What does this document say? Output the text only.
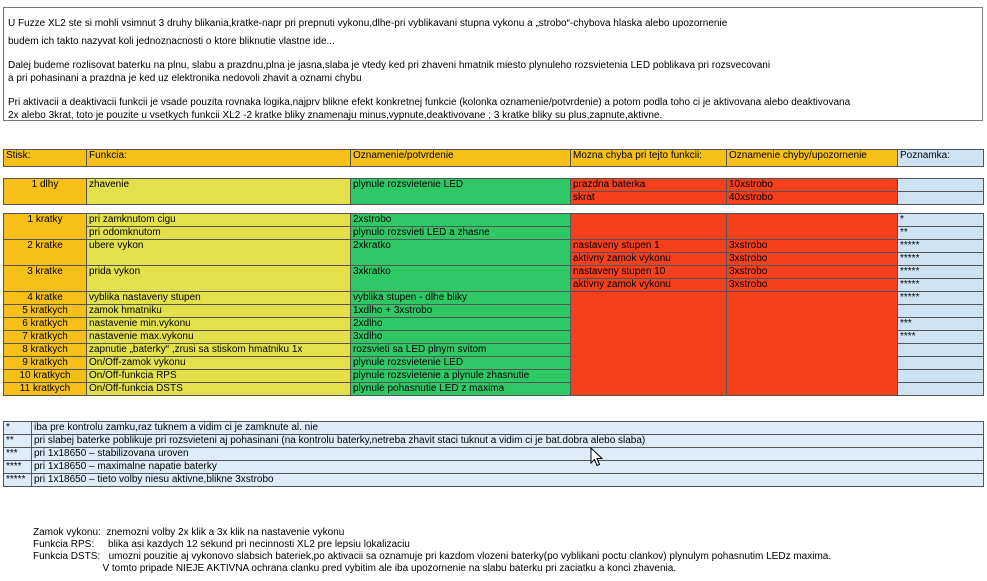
U Fuzze XL2 ste si mohli vsimnut 3 druhy blikania,kratke-napr pri prepnuti vykonu,dlhe-pri vyblikavani stupna vykonu a „strobo“-chybova hlaska alebo upozornenie

budem ich takto nazyvat koli jednoznacnosti o ktore bliknutie vlastne ide...

Dalej budeme rozlisovat baterku na plnu, slabu a prazdnu,plna je jasna,slaba je vtedy ked pri zhaveni hmatnik miesto plynuleho rozsvietenia LED poblikava pri rozsvecovani

a pri pohasinani a prazdna je ked uz elektronika nedovoli zhavit a oznami chybu

Pri aktivacii a deaktivacii funkcii je vsade pouzita rovnaka logika,najprv blikne efekt konkretnej funkcie (kolonka oznamenie/potvrdenie) a potom podla toho ci je aktivovana alebo deaktivovana

2x alebo 3krat, toto je pouzite u vsetkych funkcii XL2 -2 kratke bliky znamenaju minus,vypnute,deaktivovane ; 3 kratke bliky su plus,zapnute,aktivne.

Stisk:	Funkcia:	Oznamenie/potvrdenie	Mozna chyba pri tejto funkcii:	Oznamenie chyby/upozornenie	Poznamka:
1 dlhy	zhavenie	plynule rozsvietenie LED	prazdna baterka	10xstrobo	
			skrat	40xstrobo	
1 kratky	pri zamknutom cigu	2xstrobo			*
	pri odomknutom	plynulo rozsvieti LED a zhasne			**
2 kratke	ubere vykon	2xkratko	nastaveny stupen 1	3xstrobo	*****
			aktivny zamok vykonu	3xstrobo	*****
3 kratke	prida vykon	3xkratko	nastaveny stupen 10	3xstrobo	*****
			aktivny zamok vykonu	3xstrobo	*****
4 kratke	vyblika nastaveny stupen	vyblika stupen - dlhe bliky			*****
5 kratkych	zamok hmatniku	1xdlho + 3xstrobo			
6 kratkych	nastavenie min.vykonu	2xdlho			***
7 kratkych	nastavenie max.vykonu	3xdlho			****
8 kratkych	zapnutie „baterky“ ,zrusi sa stiskom hmatniku 1x	rozsvieti sa LED plnym svitom			
9 kratkych	On/Off-zamok vykonu	plynule rozsvietenie LED			
10 kratkych	On/Off-funkcia RPS	plynule rozsvietenie a plynule zhasnutie			
11 kratkych	On/Off-funkcia DSTS	plynule pohasnutie LED z maxima			
*	iba pre kontrolu zamku,raz tuknem a vidim ci je zamknute al. nie
**	pri slabej baterke poblikuje pri rozsvieteni aj pohasinani (na kontrolu baterky,netreba zhavit staci tuknut a vidim ci je bat.dobra alebo slaba)
***	pri 1x18650 – stabilizovana uroven
****	pri 1x18650 – maximalne napatie baterky
*****	pri 1x18650 – tieto volby niesu aktivne,blikne 3xstrobo
Zamok vykonu:  znemozni volby 2x klik a 3x klik na nastavenie vykonu
Funkcia RPS:     blika asi kazdych 12 sekund pri necinnosti XL2 pre lepsiu lokalizaciu
Funkcia DSTS:   umozni pouzitie aj vykonovo slabsich bateriek,po aktivacii sa oznamuje pri kazdom vlozeni baterky(po vyblikani poctu clankov) plynulym pohasnutim LEDz maxima.
V tomto pripade NIEJE AKTIVNA ochrana clanku pred vybitim ale iba upozornenie na slabu baterku pri zaciatku a konci zhavenia.
